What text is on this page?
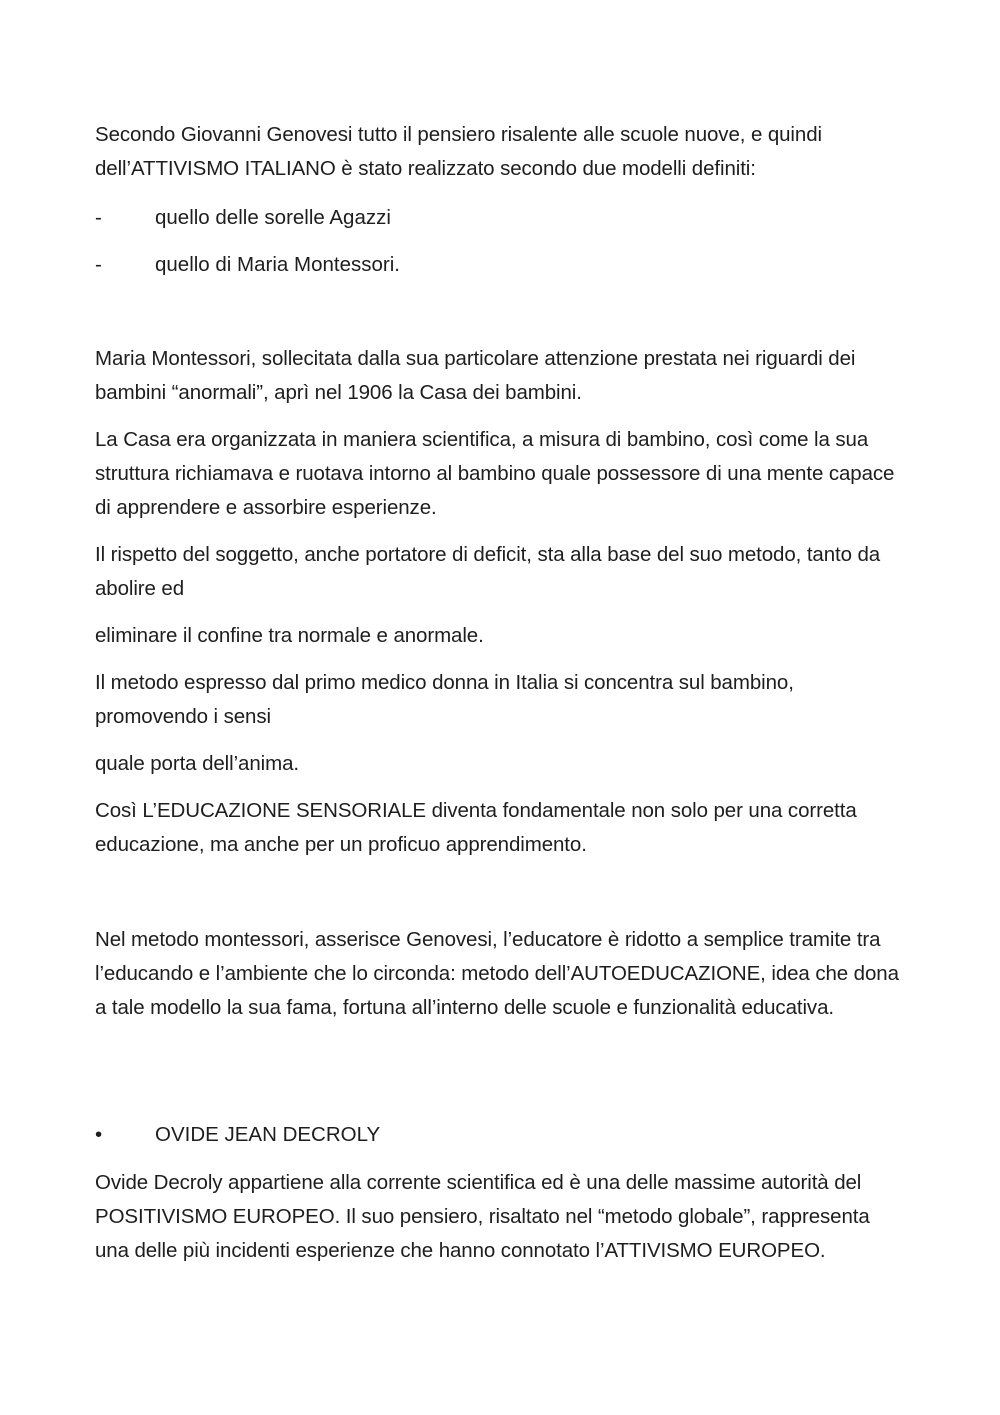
Secondo Giovanni Genovesi tutto il pensiero risalente alle scuole nuove, e quindi dell’ATTIVISMO ITALIANO è stato realizzato secondo due modelli definiti:

-	quello delle sorelle Agazzi
-	quello di Maria Montessori.

Maria Montessori, sollecitata dalla sua particolare attenzione prestata nei riguardi dei bambini “anormali”, aprì nel 1906 la Casa dei bambini.

La Casa era organizzata in maniera scientifica, a misura di bambino, così come la sua struttura richiamava e ruotava intorno al bambino quale possessore di una mente capace di apprendere e assorbire esperienze.

Il rispetto del soggetto, anche portatore di deficit, sta alla base del suo metodo, tanto da abolire ed

eliminare il confine tra normale e anormale.

Il metodo espresso dal primo medico donna in Italia si concentra sul bambino, promovendo i sensi

quale porta dell’anima.

Così L’EDUCAZIONE SENSORIALE diventa fondamentale non solo per una corretta educazione, ma anche per un proficuo apprendimento.

Nel metodo montessori, asserisce Genovesi, l’educatore è ridotto a semplice tramite tra l’educando e l’ambiente che lo circonda: metodo dell’AUTOEDUCAZIONE, idea che dona a tale modello la sua fama, fortuna all’interno delle scuole e funzionalità educativa.

•	OVIDE JEAN DECROLY

Ovide Decroly appartiene alla corrente scientifica ed è una delle massime autorità del POSITIVISMO EUROPEO. Il suo pensiero, risaltato nel “metodo globale”, rappresenta una delle più incidenti esperienze che hanno connotato l’ATTIVISMO EUROPEO.
